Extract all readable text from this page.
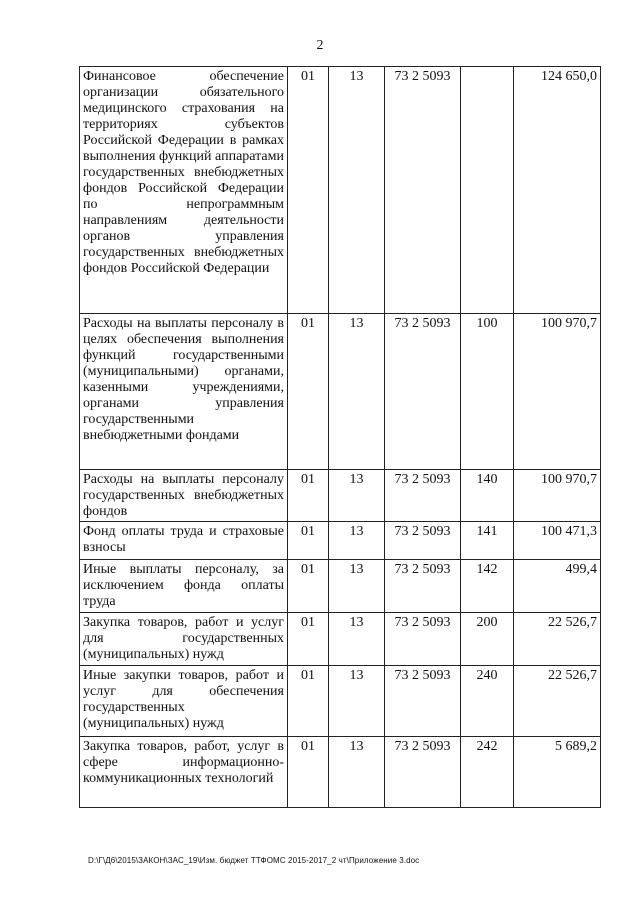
2
Финансовое обеспечение организации обязательного медицинского страхования на территориях субъектов Российской Федерации в рамках выполнения функций аппаратами государственных внебюджетных фондов Российской Федерации по непрограммным направлениям деятельности органов управления государственных внебюджетных фондов Российской Федерации	01	13	73 2 5093		124 650,0

Расходы на выплаты персоналу в целях обеспечения выполнения функций государственными (муниципальными) органами, казенными учреждениями, органами управления государственными внебюджетными фондами	01	13	73 2 5093	100	100 970,7

Расходы на выплаты персоналу государственных внебюджетных фондов	01	13	73 2 5093	140	100 970,7

Фонд оплаты труда и страховые взносы	01	13	73 2 5093	141	100 471,3

Иные выплаты персоналу, за исключением фонда оплаты труда	01	13	73 2 5093	142	499,4

Закупка товаров, работ и услуг для государственных (муниципальных) нужд	01	13	73 2 5093	200	22 526,7

Иные закупки товаров, работ и услуг для обеспечения государственных (муниципальных) нужд	01	13	73 2 5093	240	22 526,7

Закупка товаров, работ, услуг в сфере информационно-коммуникационных технологий	01	13	73 2 5093	242	5 689,2
D:\Г\Д6\2015\ЗАКОН\ЗАС_19\Изм. бюджет ТТФОМС 2015-2017_2 чт\Приложение 3.doc
